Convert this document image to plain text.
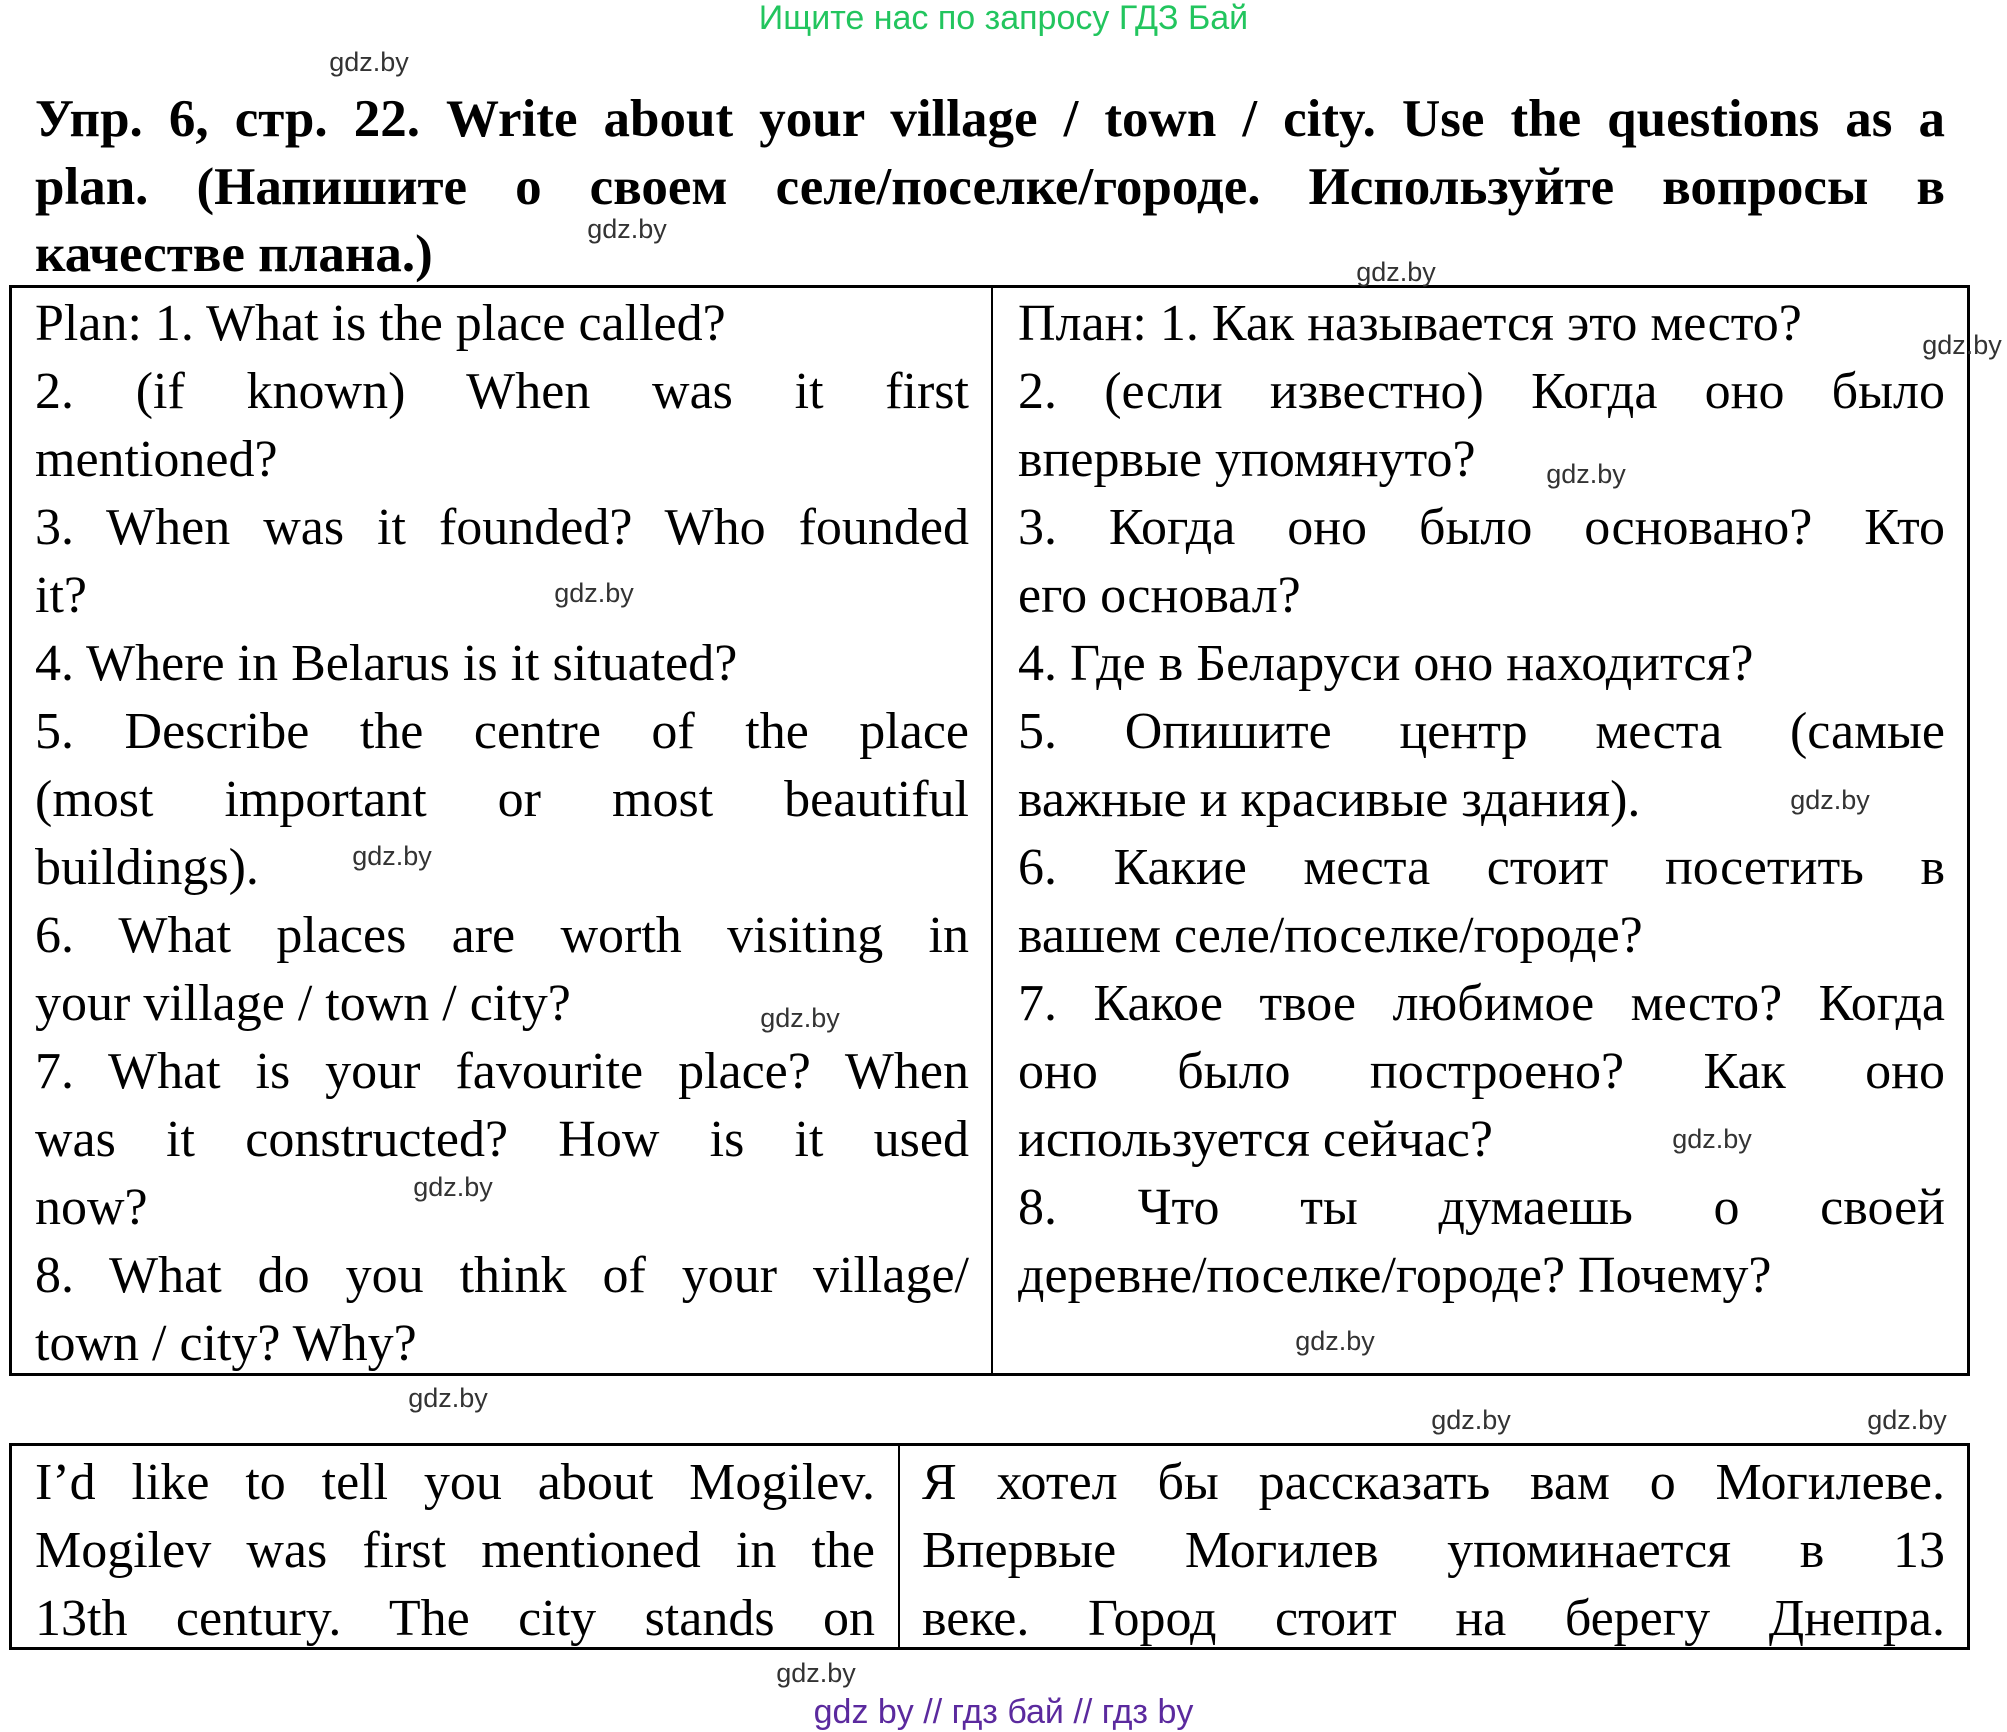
Ищите нас по запросу ГДЗ Бай
Упр. 6, стр. 22. Write about your village / town / city. Use the questions as a
plan. (Напишите о своем селе/поселке/городе. Используйте вопросы в
качестве плана.)
Plan: 1. What is the place called?
2. (if known) When was it first
mentioned?
3. When was it founded? Who founded
it?
4. Where in Belarus is it situated?
5. Describe the centre of the place
(most important or most beautiful
buildings).
6. What places are worth visiting in
your village / town / city?
7. What is your favourite place? When
was it constructed? How is it used
now?
8. What do you think of your village/
town / city? Why?
План: 1. Как называется это место?
2. (если известно) Когда оно было
впервые упомянуто?
3. Когда оно было основано? Кто
его основал?
4. Где в Беларуси оно находится?
5. Опишите центр места (самые
важные и красивые здания).
6. Какие места стоит посетить в
вашем селе/поселке/городе?
7. Какое твое любимое место? Когда
оно было построено? Как оно
используется сейчас?
8. Что ты думаешь о своей
деревне/поселке/городе? Почему?
I’d like to tell you about Mogilev.
Mogilev was first mentioned in the
13th century. The city stands on
Я хотел бы рассказать вам о Могилеве.
Впервые Могилев упоминается в 13
веке. Город стоит на берегу Днепра.
gdz.by
gdz.by
gdz.by
gdz.by
gdz.by
gdz.by
gdz.by
gdz.by
gdz.by
gdz.by
gdz.by
gdz.by
gdz.by
gdz.by
gdz.by
gdz.by
gdz by // гдз бай // гдз by
